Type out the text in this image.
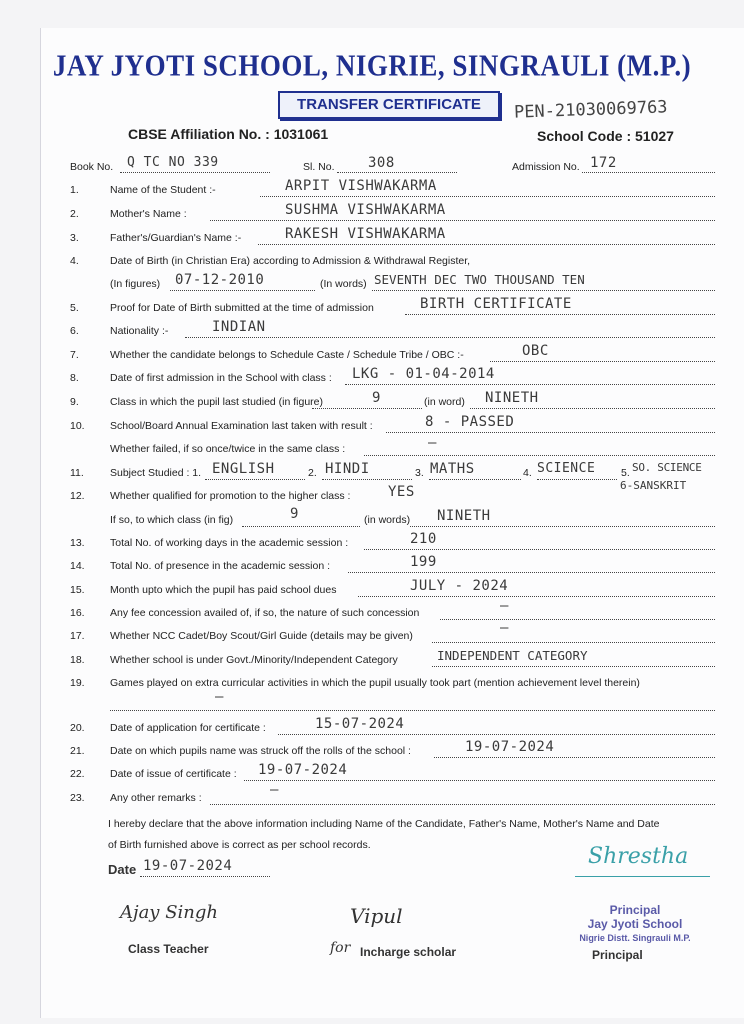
JAY JYOTI SCHOOL, NIGRIE, SINGRAULI (M.P.)
TRANSFER CERTIFICATE	PEN-21030069763
CBSE Affiliation No. : 1031061	School Code : 51027
Book No. Q TC NO 339	Sl. No. 308	Admission No. 172
1.	Name of the Student :-	ARPIT VISHWAKARMA
2.	Mother's Name :	SUSHMA VISHWAKARMA
3.	Father's/Guardian's Name :-	RAKESH VISHWAKARMA
4.	Date of Birth (in Christian Era) according to Admission & Withdrawal Register,
(In figures) 07-12-2010	(In words) SEVENTH DEC TWO THOUSAND TEN
5.	Proof for Date of Birth submitted at the time of admission	BIRTH CERTIFICATE
6.	Nationality :-	INDIAN
7.	Whether the candidate belongs to Schedule Caste / Schedule Tribe / OBC :-	OBC
8.	Date of first admission in the School with class : LKG - 01-04-2014
9.	Class in which the pupil last studied (in figure)	9	(in word) NINETH
10.	School/Board Annual Examination last taken with result :	8 - PASSED
Whether failed, if so once/twice in the same class :	—
11.	Subject Studied : 1. ENGLISH	2. HINDI	3. MATHS	4. SCIENCE 5. SO. SCIENCE
6-SANSKRIT
12.	Whether qualified for promotion to the higher class :	YES
If so, to which class (in fig)	9	(in words) NINETH
13.	Total No. of working days in the academic session :	210
14.	Total No. of presence in the academic session :	199
15.	Month upto which the pupil has paid school dues	JULY - 2024
16.	Any fee concession availed of, if so, the nature of such concession	—
17.	Whether NCC Cadet/Boy Scout/Girl Guide (details may be given)	—
18.	Whether school is under Govt./Minority/Independent Category	INDEPENDENT CATEGORY
19.	Games played on extra curricular activities in which the pupil usually took part (mention achievement level therein)
—
20.	Date of application for certificate :	15-07-2024
21.	Date on which pupils name was struck off the rolls of the school :	19-07-2024
22.	Date of issue of certificate : 19-07-2024
23.	Any other remarks :	—
I hereby declare that the above information including Name of the Candidate, Father's Name, Mother's Name and Date
of Birth furnished above is correct as per school records.
Date 19-07-2024	Shrestha
Ajay Singh
Class Teacher
Vipul
for Incharge scholar
Principal
Jay Jyoti School
Nigrie Distt. Singrauli M.P.
Principal
